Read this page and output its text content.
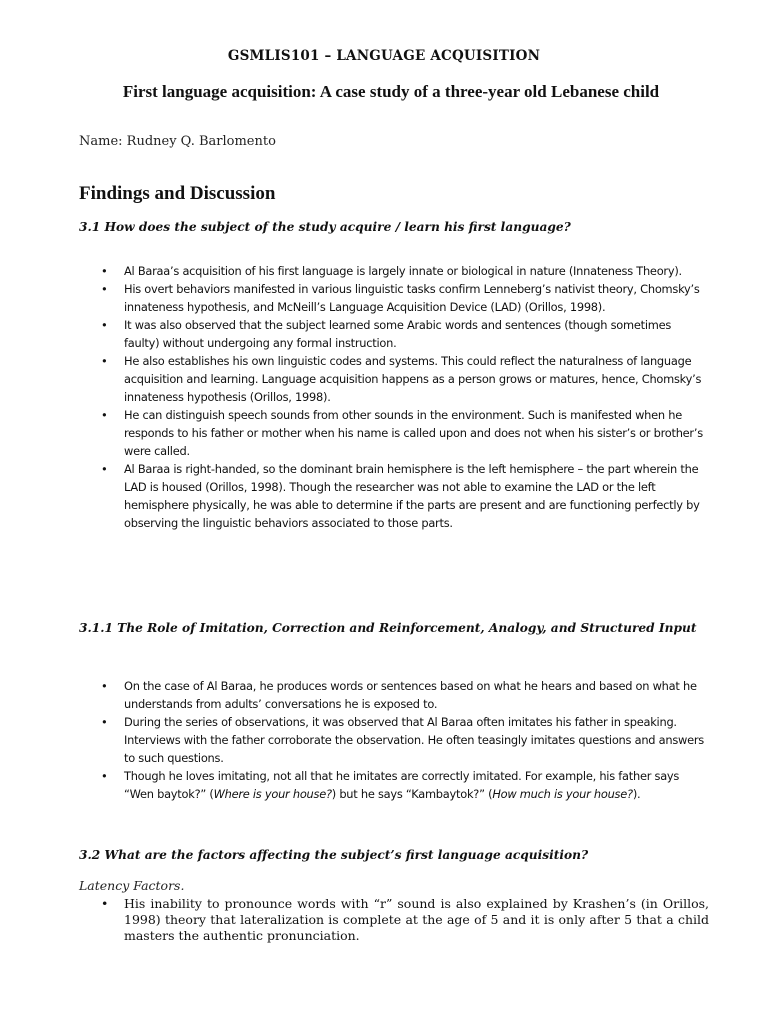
GSMLIS101 – LANGUAGE ACQUISITION
First language acquisition: A case study of a three-year old Lebanese child
Name: Rudney Q. Barlomento
Findings and Discussion
3.1 How does the subject of the study acquire / learn his first language?
• Al Baraa’s acquisition of his first language is largely innate or biological in nature (Innateness Theory).
• His overt behaviors manifested in various linguistic tasks confirm Lenneberg’s nativist theory, Chomsky’s innateness hypothesis, and McNeill’s Language Acquisition Device (LAD) (Orillos, 1998).
• It was also observed that the subject learned some Arabic words and sentences (though sometimes faulty) without undergoing any formal instruction.
• He also establishes his own linguistic codes and systems. This could reflect the naturalness of language acquisition and learning. Language acquisition happens as a person grows or matures, hence, Chomsky’s innateness hypothesis (Orillos, 1998).
• He can distinguish speech sounds from other sounds in the environment. Such is manifested when he responds to his father or mother when his name is called upon and does not when his sister’s or brother’s were called.
• Al Baraa is right-handed, so the dominant brain hemisphere is the left hemisphere – the part wherein the LAD is housed (Orillos, 1998). Though the researcher was not able to examine the LAD or the left hemisphere physically, he was able to determine if the parts are present and are functioning perfectly by observing the linguistic behaviors associated to those parts.
3.1.1 The Role of Imitation, Correction and Reinforcement, Analogy, and Structured Input
• On the case of Al Baraa, he produces words or sentences based on what he hears and based on what he understands from adults’ conversations he is exposed to.
• During the series of observations, it was observed that Al Baraa often imitates his father in speaking. Interviews with the father corroborate the observation. He often teasingly imitates questions and answers to such questions.
• Though he loves imitating, not all that he imitates are correctly imitated. For example, his father says “Wen baytok?” (Where is your house?) but he says “Kambaytok?” (How much is your house?).
3.2 What are the factors affecting the subject’s first language acquisition?
Latency Factors.
• His inability to pronounce words with “r” sound is also explained by Krashen’s (in Orillos, 1998) theory that lateralization is complete at the age of 5 and it is only after 5 that a child masters the authentic pronunciation.
